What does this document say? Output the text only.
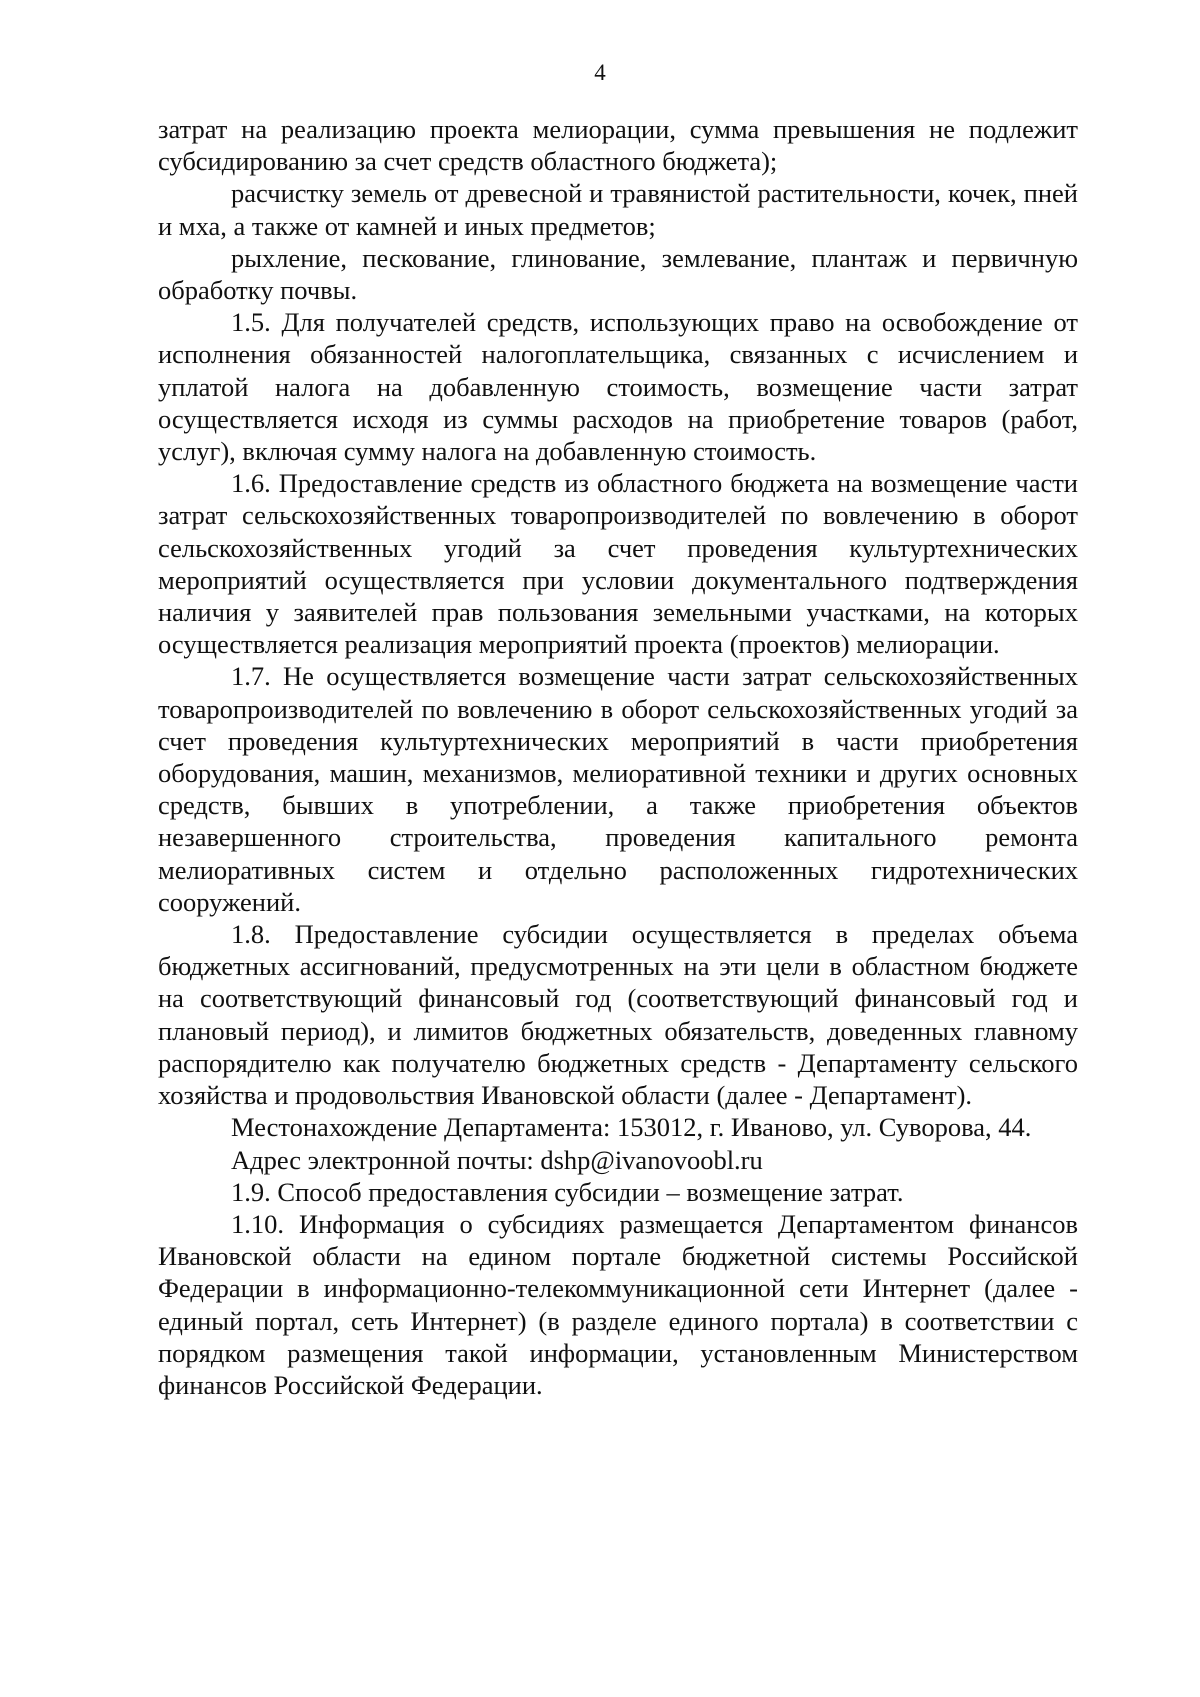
4

затрат на реализацию проекта мелиорации, сумма превышения не подлежит субсидированию за счет средств областного бюджета);

расчистку земель от древесной и травянистой растительности, кочек, пней и мха, а также от камней и иных предметов;

рыхление, пескование, глинование, землевание, плантаж и первичную обработку почвы.

1.5. Для получателей средств, использующих право на освобождение от исполнения обязанностей налогоплательщика, связанных с исчислением и уплатой налога на добавленную стоимость, возмещение части затрат осуществляется исходя из суммы расходов на приобретение товаров (работ, услуг), включая сумму налога на добавленную стоимость.

1.6. Предоставление средств из областного бюджета на возмещение части затрат сельскохозяйственных товаропроизводителей по вовлечению в оборот сельскохозяйственных угодий за счет проведения культуртехнических мероприятий осуществляется при условии документального подтверждения наличия у заявителей прав пользования земельными участками, на которых осуществляется реализация мероприятий проекта (проектов) мелиорации.

1.7. Не осуществляется возмещение части затрат сельскохозяйственных товаропроизводителей по вовлечению в оборот сельскохозяйственных угодий за счет проведения культуртехнических мероприятий в части приобретения оборудования, машин, механизмов, мелиоративной техники и других основных средств, бывших в употреблении, а также приобретения объектов незавершенного строительства, проведения капитального ремонта мелиоративных систем и отдельно расположенных гидротехнических сооружений.

1.8. Предоставление субсидии осуществляется в пределах объема бюджетных ассигнований, предусмотренных на эти цели в областном бюджете на соответствующий финансовый год (соответствующий финансовый год и плановый период), и лимитов бюджетных обязательств, доведенных главному распорядителю как получателю бюджетных средств - Департаменту сельского хозяйства и продовольствия Ивановской области (далее - Департамент).

Местонахождение Департамента: 153012, г. Иваново, ул. Суворова, 44.

Адрес электронной почты: dshp@ivanovoobl.ru

1.9. Способ предоставления субсидии – возмещение затрат.

1.10. Информация о субсидиях размещается Департаментом финансов Ивановской области на едином портале бюджетной системы Российской Федерации в информационно-телекоммуникационной сети Интернет (далее - единый портал, сеть Интернет) (в разделе единого портала) в соответствии с порядком размещения такой информации, установленным Министерством финансов Российской Федерации.
